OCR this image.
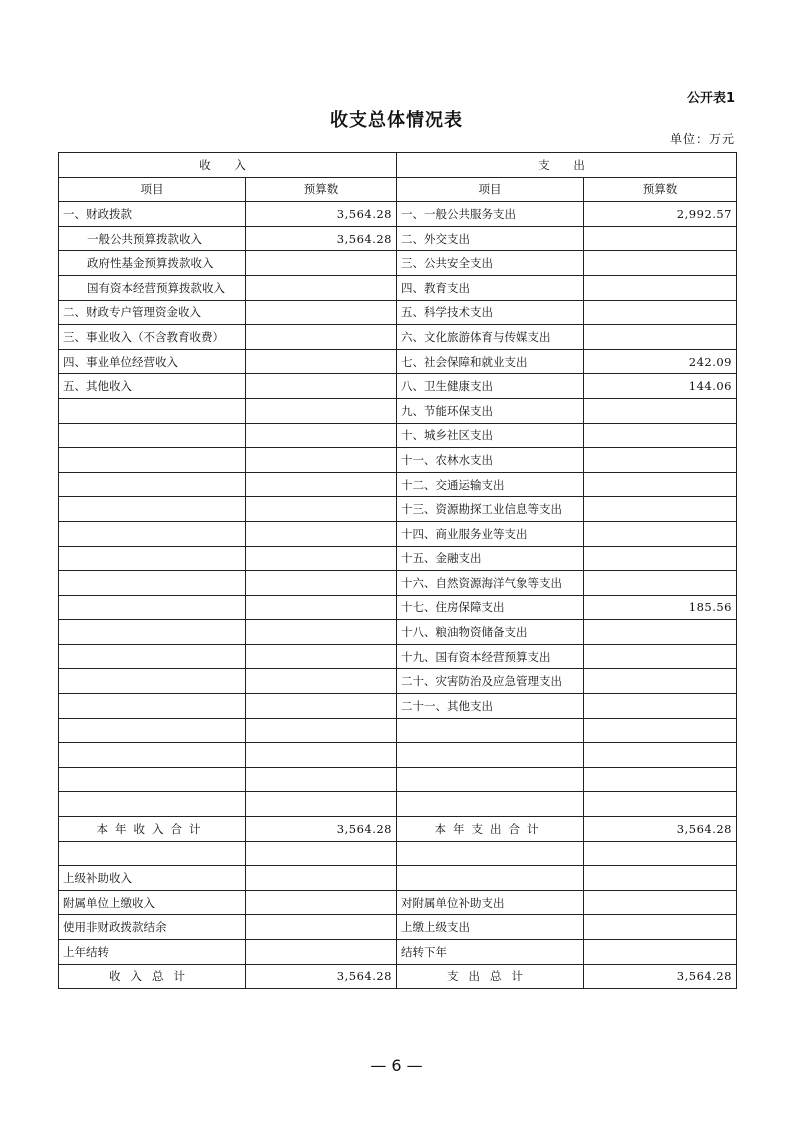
公开表1
收支总体情况表
单位：万元
收 入		支 出	
项目	预算数	项目	预算数
一、财政拨款	3,564.28	一、一般公共服务支出	2,992.57
一般公共预算拨款收入	3,564.28	二、外交支出	
政府性基金预算拨款收入		三、公共安全支出	
国有资本经营预算拨款收入		四、教育支出	
二、财政专户管理资金收入		五、科学技术支出	
三、事业收入（不含教育收费）		六、文化旅游体育与传媒支出	
四、事业单位经营收入		七、社会保障和就业支出	242.09
五、其他收入		八、卫生健康支出	144.06
		九、节能环保支出	
		十、城乡社区支出	
		十一、农林水支出	
		十二、交通运输支出	
		十三、资源勘探工业信息等支出	
		十四、商业服务业等支出	
		十五、金融支出	
		十六、自然资源海洋气象等支出	
		十七、住房保障支出	185.56
		十八、粮油物资储备支出	
		十九、国有资本经营预算支出	
		二十、灾害防治及应急管理支出	
		二十一、其他支出	

本年收入合计	3,564.28	本年支出合计	3,564.28

上级补助收入			
附属单位上缴收入		对附属单位补助支出	
使用非财政拨款结余		上缴上级支出	
上年结转		结转下年	
收入总计	3,564.28	支出总计	3,564.28
— 6 —
